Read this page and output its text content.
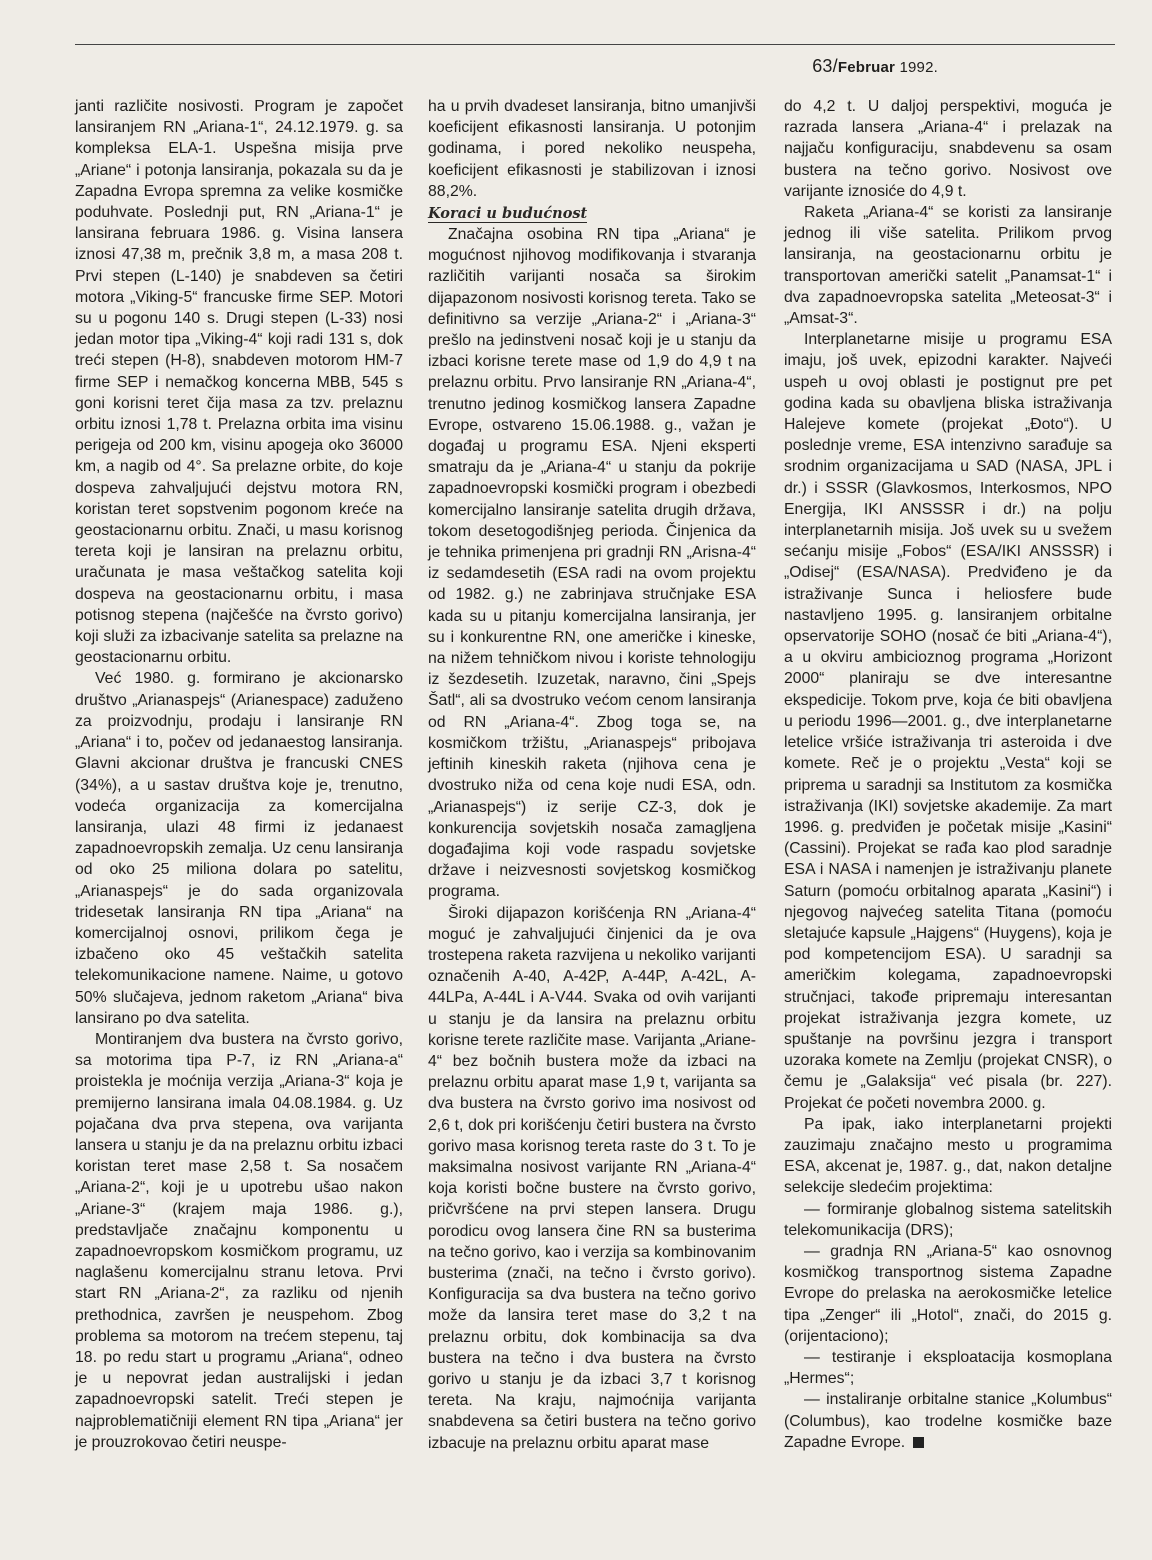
63/Februar 1992.

janti različite nosivosti. Program je započet lansiranjem RN „Ariana-1“, 24.12.1979. g. sa kompleksa ELA-1. Uspešna misija prve „Ariane“ i potonja lansiranja, pokazala su da je Zapadna Evropa spremna za velike kosmičke poduhvate. Poslednji put, RN „Ariana-1“ je lansirana februara 1986. g. Visina lansera iznosi 47,38 m, prečnik 3,8 m, a masa 208 t. Prvi stepen (L-140) je snabdeven sa četiri motora „Viking-5“ francuske firme SEP. Motori su u pogonu 140 s. Drugi stepen (L-33) nosi jedan motor tipa „Viking-4“ koji radi 131 s, dok treći stepen (H-8), snabdeven motorom HM-7 firme SEP i nemačkog koncerna MBB, 545 s goni korisni teret čija masa za tzv. prelaznu orbitu iznosi 1,78 t. Prelazna orbita ima visinu perigeja od 200 km, visinu apogeja oko 36000 km, a nagib od 4°. Sa prelazne orbite, do koje dospeva zahvaljujući dejstvu motora RN, koristan teret sopstvenim pogonom kreće na geostacionarnu orbitu. Znači, u masu korisnog tereta koji je lansiran na prelaznu orbitu, uračunata je masa veštačkog satelita koji dospeva na geostacionarnu orbitu, i masa potisnog stepena (najčešće na čvrsto gorivo) koji služi za izbacivanje satelita sa prelazne na geostacionarnu orbitu.

Već 1980. g. formirano je akcionarsko društvo „Arianaspejs“ (Arianespace) zaduženo za proizvodnju, prodaju i lansiranje RN „Ariana“ i to, počev od jedanaestog lansiranja. Glavni akcionar društva je francuski CNES (34%), a u sastav društva koje je, trenutno, vodeća organizacija za komercijalna lansiranja, ulazi 48 firmi iz jedanaest zapadnoevropskih zemalja. Uz cenu lansiranja od oko 25 miliona dolara po satelitu, „Arianaspejs“ je do sada organizovala tridesetak lansiranja RN tipa „Ariana“ na komercijalnoj osnovi, prilikom čega je izbačeno oko 45 veštačkih satelita telekomunikacione namene. Naime, u gotovo 50% slučajeva, jednom raketom „Ariana“ biva lansirano po dva satelita.

Montiranjem dva bustera na čvrsto gorivo, sa motorima tipa P-7, iz RN „Ariana-a“ proistekla je moćnija verzija „Ariana-3“ koja je premijerno lansirana imala 04.08.1984. g. Uz pojačana dva prva stepena, ova varijanta lansera u stanju je da na prelaznu orbitu izbaci koristan teret mase 2,58 t. Sa nosačem „Ariana-2“, koji je u upotrebu ušao nakon „Ariane-3“ (krajem maja 1986. g.), predstavljače značajnu komponentu u zapadnoevropskom kosmičkom programu, uz naglašenu komercijalnu stranu letova. Prvi start RN „Ariana-2“, za razliku od njenih prethodnica, završen je neuspehom. Zbog problema sa motorom na trećem stepenu, taj 18. po redu start u programu „Ariana“, odneo je u nepovrat jedan australijski i jedan zapadnoevropski satelit. Treći stepen je najproblematičniji element RN tipa „Ariana“ jer je prouzrokovao četiri neuspe-

ha u prvih dvadeset lansiranja, bitno umanjivši koeficijent efikasnosti lansiranja. U potonjim godinama, i pored nekoliko neuspeha, koeficijent efikasnosti je stabilizovan i iznosi 88,2%.

Koraci u budućnost

Značajna osobina RN tipa „Ariana“ je mogućnost njihovog modifikovanja i stvaranja različitih varijanti nosača sa širokim dijapazonom nosivosti korisnog tereta. Tako se definitivno sa verzije „Ariana-2“ i „Ariana-3“ prešlo na jedinstveni nosač koji je u stanju da izbaci korisne terete mase od 1,9 do 4,9 t na prelaznu orbitu. Prvo lansiranje RN „Ariana-4“, trenutno jedinog kosmičkog lansera Zapadne Evrope, ostvareno 15.06.1988. g., važan je događaj u programu ESA. Njeni eksperti smatraju da je „Ariana-4“ u stanju da pokrije zapadnoevropski kosmički program i obezbedi komercijalno lansiranje satelita drugih država, tokom desetogodišnjeg perioda. Činjenica da je tehnika primenjena pri gradnji RN „Arisna-4“ iz sedamdesetih (ESA radi na ovom projektu od 1982. g.) ne zabrinjava stručnjake ESA kada su u pitanju komercijalna lansiranja, jer su i konkurentne RN, one američke i kineske, na nižem tehničkom nivou i koriste tehnologiju iz šezdesetih. Izuzetak, naravno, čini „Spejs Šatl“, ali sa dvostruko većom cenom lansiranja od RN „Ariana-4“. Zbog toga se, na kosmičkom tržištu, „Arianaspejs“ pribojava jeftinih kineskih raketa (njihova cena je dvostruko niža od cena koje nudi ESA, odn. „Arianaspejs“) iz serije CZ-3, dok je konkurencija sovjetskih nosača zamagljena događajima koji vode raspadu sovjetske države i neizvesnosti sovjetskog kosmičkog programa.

Široki dijapazon korišćenja RN „Ariana-4“ moguć je zahvaljujući činjenici da je ova trostepena raketa razvijena u nekoliko varijanti označenih A-40, A-42P, A-44P, A-42L, A-44LPa, A-44L i A-V44. Svaka od ovih varijanti u stanju je da lansira na prelaznu orbitu korisne terete različite mase. Varijanta „Ariane-4“ bez bočnih bustera može da izbaci na prelaznu orbitu aparat mase 1,9 t, varijanta sa dva bustera na čvrsto gorivo ima nosivost od 2,6 t, dok pri korišćenju četiri bustera na čvrsto gorivo masa korisnog tereta raste do 3 t. To je maksimalna nosivost varijante RN „Ariana-4“ koja koristi bočne bustere na čvrsto gorivo, pričvršćene na prvi stepen lansera. Drugu porodicu ovog lansera čine RN sa busterima na tečno gorivo, kao i verzija sa kombinovanim busterima (znači, na tečno i čvrsto gorivo). Konfiguracija sa dva bustera na tečno gorivo može da lansira teret mase do 3,2 t na prelaznu orbitu, dok kombinacija sa dva bustera na tečno i dva bustera na čvrsto gorivo u stanju je da izbaci 3,7 t korisnog tereta. Na kraju, najmoćnija varijanta snabdevena sa četiri bustera na tečno gorivo izbacuje na prelaznu orbitu aparat mase

do 4,2 t. U daljoj perspektivi, moguća je razrada lansera „Ariana-4“ i prelazak na najjaču konfiguraciju, snabdevenu sa osam bustera na tečno gorivo. Nosivost ove varijante iznosiće do 4,9 t.

Raketa „Ariana-4“ se koristi za lansiranje jednog ili više satelita. Prilikom prvog lansiranja, na geostacionarnu orbitu je transportovan američki satelit „Panamsat-1“ i dva zapadnoevropska satelita „Meteosat-3“ i „Amsat-3“.

Interplanetarne misije u programu ESA imaju, još uvek, epizodni karakter. Najveći uspeh u ovoj oblasti je postignut pre pet godina kada su obavljena bliska istraživanja Halejeve komete (projekat „Đoto“). U poslednje vreme, ESA intenzivno sarađuje sa srodnim organizacijama u SAD (NASA, JPL i dr.) i SSSR (Glavkosmos, Interkosmos, NPO Energija, IKI ANSSSR i dr.) na polju interplanetarnih misija. Još uvek su u svežem sećanju misije „Fobos“ (ESA/IKI ANSSSR) i „Odisej“ (ESA/NASA). Predviđeno je da istraživanje Sunca i heliosfere bude nastavljeno 1995. g. lansiranjem orbitalne opservatorije SOHO (nosač će biti „Ariana-4“), a u okviru ambicioznog programa „Horizont 2000“ planiraju se dve interesantne ekspedicije. Tokom prve, koja će biti obavljena u periodu 1996—2001. g., dve interplanetarne letelice vršiće istraživanja tri asteroida i dve komete. Reč je o projektu „Vesta“ koji se priprema u saradnji sa Institutom za kosmička istraživanja (IKI) sovjetske akademije. Za mart 1996. g. predviđen je početak misije „Kasini“ (Cassini). Projekat se rađa kao plod saradnje ESA i NASA i namenjen je istraživanju planete Saturn (pomoću orbitalnog aparata „Kasini“) i njegovog najvećeg satelita Titana (pomoću sletajuće kapsule „Hajgens“ (Huygens), koja je pod kompetencijom ESA). U saradnji sa američkim kolegama, zapadnoevropski stručnjaci, takođe pripremaju interesantan projekat istraživanja jezgra komete, uz spuštanje na površinu jezgra i transport uzoraka komete na Zemlju (projekat CNSR), o čemu je „Galaksija“ već pisala (br. 227). Projekat će početi novembra 2000. g.

Pa ipak, iako interplanetarni projekti zauzimaju značajno mesto u programima ESA, akcenat je, 1987. g., dat, nakon detaljne selekcije sledećim projektima:

— formiranje globalnog sistema satelitskih telekomunikacija (DRS);

— gradnja RN „Ariana-5“ kao osnovnog kosmičkog transportnog sistema Zapadne Evrope do prelaska na aerokosmičke letelice tipa „Zenger“ ili „Hotol“, znači, do 2015 g. (orijentaciono);

— testiranje i eksploatacija kosmoplana „Hermes“;

— instaliranje orbitalne stanice „Kolumbus“ (Columbus), kao trodelne kosmičke baze Zapadne Evrope.
